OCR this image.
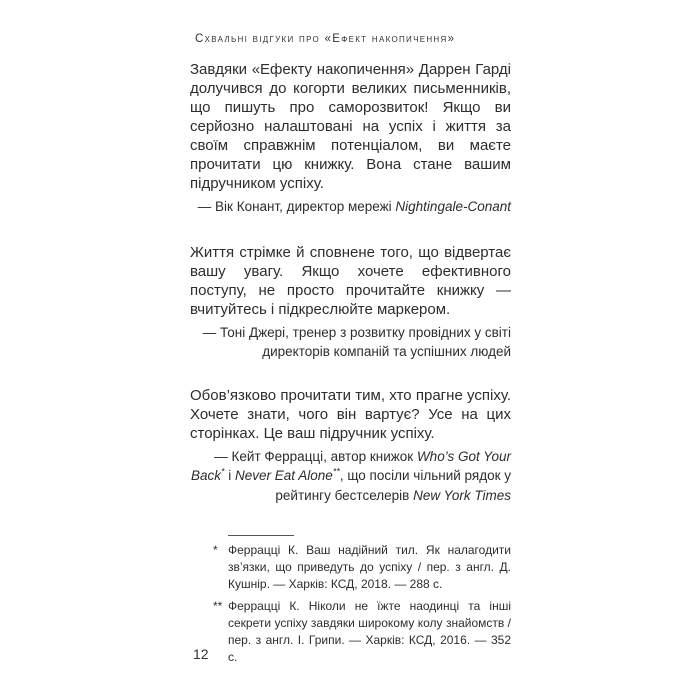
Схвальні відгуки про «Ефект накопичення»

Завдяки «Ефекту накопичення» Даррен Гарді долучився до когорти великих письменників, що пишуть про саморозвиток! Якщо ви серйозно налаштовані на успіх і життя за своїм справжнім потенціалом, ви маєте прочитати цю книжку. Вона стане вашим підручником успіху.

— Вік Конант, директор мережі Nightingale-Conant

Життя стрімке й сповнене того, що відвертає вашу увагу. Якщо хочете ефективного поступу, не просто прочитайте книжку — вчитуйтесь і підкреслюйте маркером.

— Тоні Джері, тренер з розвитку провідних у світі директорів компаній та успішних людей

Обов’язково прочитати тим, хто прагне успіху. Хочете знати, чого він вартує? Усе на цих сторінках. Це ваш підручник успіху.

— Кейт Феррацці, автор книжок Who’s Got Your Back* і Never Eat Alone**, що посіли чільний рядок у рейтингу бестселерів New York Times

* Феррацці К. Ваш надійний тил. Як налагодити зв’язки, що приведуть до успіху / пер. з англ. Д. Кушнір. — Харків: КСД, 2018. — 288 с.
** Феррацці К. Ніколи не їжте наодинці та інші секрети успіху завдяки широкому колу знайомств / пер. з англ. І. Грипи. — Харків: КСД, 2016. — 352 с.
12
